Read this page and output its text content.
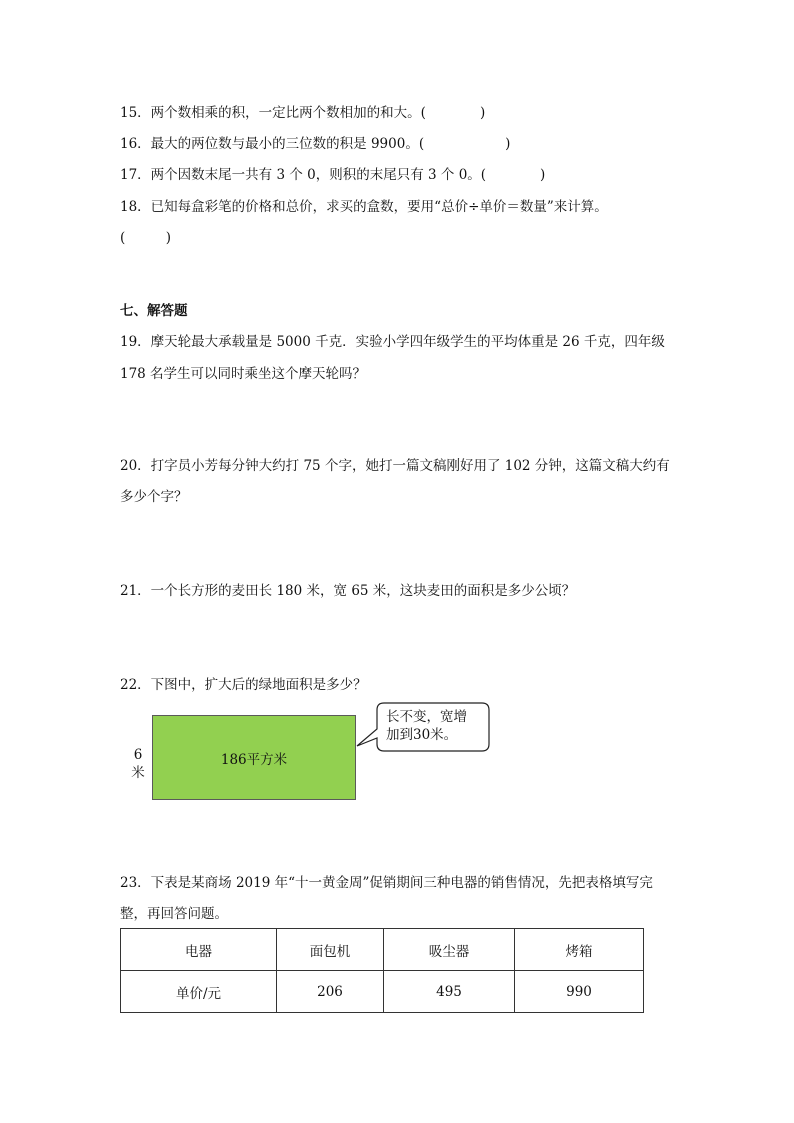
15．两个数相乘的积，一定比两个数相加的和大。(　　　　)
16．最大的两位数与最小的三位数的积是 9900。(　　　　　　)
17．两个因数末尾一共有 3 个 0，则积的末尾只有 3 个 0。(　　　　)
18．已知每盒彩笔的价格和总价，求买的盒数，要用“总价÷单价＝数量”来计算。
(　　　)
七、解答题
19．摩天轮最大承载量是 5000 千克．实验小学四年级学生的平均体重是 26 千克，四年级
178 名学生可以同时乘坐这个摩天轮吗？
20．打字员小芳每分钟大约打 75 个字，她打一篇文稿刚好用了 102 分钟，这篇文稿大约有
多少个字？
21．一个长方形的麦田长 180 米，宽 65 米，这块麦田的面积是多少公顷？
22．下图中，扩大后的绿地面积是多少？
6
米
186平方米
长不变，宽增
加到30米。
23．下表是某商场 2019 年“十一黄金周”促销期间三种电器的销售情况，先把表格填写完
整，再回答问题。
电器	面包机	吸尘器	烤箱
单价/元	206	495	990
